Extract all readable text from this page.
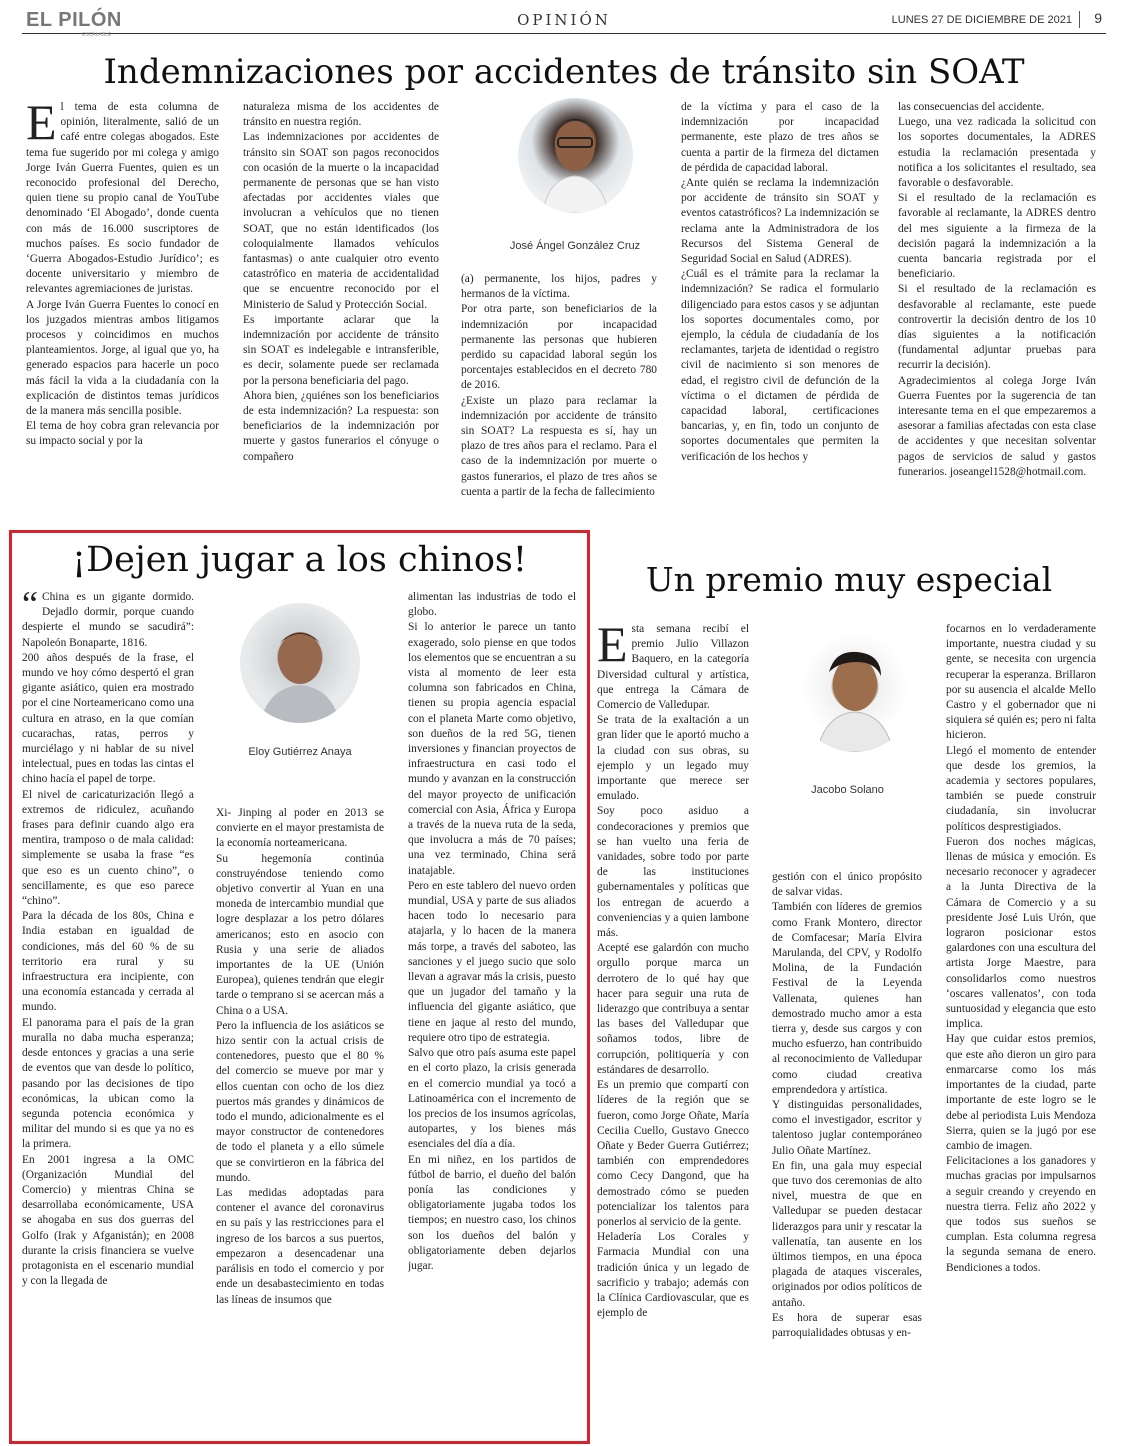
EL PILÓN
ESCALABLE
OPINIÓN	LUNES 27 DE DICIEMBRE DE 2021 9
Indemnizaciones por accidentes de tránsito sin SOAT
E l tema de esta columna de opinión, literalmente, salió de un café entre colegas abogados. Este tema fue sugerido por mi colega y amigo Jorge Iván Guerra Fuentes, quien es un reconocido profesional del Derecho, quien tiene su propio canal de YouTube denominado ‘El Abogado’, donde cuenta con más de 16.000 suscriptores de muchos países. Es socio fundador de ‘Guerra Abogados-Estudio Jurídico’; es docente universitario y miembro de relevantes agremiaciones de juristas.

A Jorge Iván Guerra Fuentes lo conocí en los juzgados mientras ambos litigamos procesos y coincidimos en muchos planteamientos. Jorge, al igual que yo, ha generado espacios para hacerle un poco más fácil la vida a la ciudadanía con la explicación de distintos temas jurídicos de la manera más sencilla posible.

El tema de hoy cobra gran relevancia por su impacto social y por la

naturaleza misma de los accidentes de tránsito en nuestra región.

Las indemnizaciones por accidentes de tránsito sin SOAT son pagos reconocidos con ocasión de la muerte o la incapacidad permanente de personas que se han visto afectadas por accidentes viales que involucran a vehículos que no tienen SOAT, que no están identificados (los coloquialmente llamados vehículos fantasmas) o ante cualquier otro evento catastrófico en materia de accidentalidad que se encuentre reconocido por el Ministerio de Salud y Protección Social.

Es importante aclarar que la indemnización por accidente de tránsito sin SOAT es indelegable e intransferible, es decir, solamente puede ser reclamada por la persona beneficiaria del pago.

Ahora bien, ¿quiénes son los beneficiarios de esta indemnización? La respuesta: son beneficiarios de la indemnización por muerte y gastos funerarios el cónyuge o compañero

José Ángel González Cruz

(a) permanente, los hijos, padres y hermanos de la víctima.

Por otra parte, son beneficiarios de la indemnización por incapacidad permanente las personas que hubieren perdido su capacidad laboral según los porcentajes establecidos en el decreto 780 de 2016.

¿Existe un plazo para reclamar la indemnización por accidente de tránsito sin SOAT? La respuesta es sí, hay un plazo de tres años para el reclamo. Para el caso de la indemnización por muerte o gastos funerarios, el plazo de tres años se cuenta a partir de la fecha de fallecimiento

de la víctima y para el caso de la indemnización por incapacidad permanente, este plazo de tres años se cuenta a partir de la firmeza del dictamen de pérdida de capacidad laboral.

¿Ante quién se reclama la indemnización por accidente de tránsito sin SOAT y eventos catastróficos? La indemnización se reclama ante la Administradora de los Recursos del Sistema General de Seguridad Social en Salud (ADRES).

¿Cuál es el trámite para la reclamar la indemnización? Se radica el formulario diligenciado para estos casos y se adjuntan los soportes documentales como, por ejemplo, la cédula de ciudadanía de los reclamantes, tarjeta de identidad o registro civil de nacimiento si son menores de edad, el registro civil de defunción de la víctima o el dictamen de pérdida de capacidad laboral, certificaciones bancarias, y, en fin, todo un conjunto de soportes documentales que permiten la verificación de los hechos y

las consecuencias del accidente.

Luego, una vez radicada la solicitud con los soportes documentales, la ADRES estudia la reclamación presentada y notifica a los solicitantes el resultado, sea favorable o desfavorable.

Si el resultado de la reclamación es favorable al reclamante, la ADRES dentro del mes siguiente a la firmeza de la decisión pagará la indemnización a la cuenta bancaria registrada por el beneficiario.

Si el resultado de la reclamación es desfavorable al reclamante, este puede controvertir la decisión dentro de los 10 días siguientes a la notificación (fundamental adjuntar pruebas para recurrir la decisión).

Agradecimientos al colega Jorge Iván Guerra Fuentes por la sugerencia de tan interesante tema en el que empezaremos a asesorar a familias afectadas con esta clase de accidentes y que necesitan solventar pagos de servicios de salud y gastos funerarios. joseangel1528@hotmail.com.

¡Dejen jugar a los chinos!
“ China es un gigante dormido. Dejadlo dormir, porque cuando despierte el mundo se sacudirá”: Napoleón Bonaparte, 1816.

200 años después de la frase, el mundo ve hoy cómo despertó el gran gigante asiático, quien era mostrado por el cine Norteamericano como una cultura en atraso, en la que comían cucarachas, ratas, perros y murciélago y ni hablar de su nivel intelectual, pues en todas las cintas el chino hacía el papel de torpe.

El nivel de caricaturización llegó a extremos de ridiculez, acuñando frases para definir cuando algo era mentira, tramposo o de mala calidad: simplemente se usaba la frase “es que eso es un cuento chino”, o sencillamente, es que eso parece “chino”.

Para la década de los 80s, China e India estaban en igualdad de condiciones, más del 60 % de su territorio era rural y su infraestructura era incipiente, con una economía estancada y cerrada al mundo.

El panorama para el país de la gran muralla no daba mucha esperanza; desde entonces y gracias a una serie de eventos que van desde lo político, pasando por las decisiones de tipo económicas, la ubican como la segunda potencia económica y militar del mundo si es que ya no es la primera.

En 2001 ingresa a la OMC (Organización Mundial del Comercio) y mientras China se desarrollaba económicamente, USA se ahogaba en sus dos guerras del Golfo (Irak y Afganistán); en 2008 durante la crisis financiera se vuelve protagonista en el escenario mundial y con la llegada de

Eloy Gutiérrez Anaya

Xi- Jinping al poder en 2013 se convierte en el mayor prestamista de la economía norteamericana.

Su hegemonía continúa construyéndose teniendo como objetivo convertir al Yuan en una moneda de intercambio mundial que logre desplazar a los petro dólares americanos; esto en asocio con Rusia y una serie de aliados importantes de la UE (Unión Europea), quienes tendrán que elegir tarde o temprano si se acercan más a China o a USA.

Pero la influencia de los asiáticos se hizo sentir con la actual crisis de contenedores, puesto que el 80 % del comercio se mueve por mar y ellos cuentan con ocho de los diez puertos más grandes y dinámicos de todo el mundo, adicionalmente es el mayor constructor de contenedores de todo el planeta y a ello súmele que se convirtieron en la fábrica del mundo.

Las medidas adoptadas para contener el avance del coronavirus en su país y las restricciones para el ingreso de los barcos a sus puertos, empezaron a desencadenar una parálisis en todo el comercio y por ende un desabastecimiento en todas las líneas de insumos que

alimentan las industrias de todo el globo.

Si lo anterior le parece un tanto exagerado, solo piense en que todos los elementos que se encuentran a su vista al momento de leer esta columna son fabricados en China, tienen su propia agencia espacial con el planeta Marte como objetivo, son dueños de la red 5G, tienen inversiones y financian proyectos de infraestructura en casi todo el mundo y avanzan en la construcción del mayor proyecto de unificación comercial con Asia, África y Europa a través de la nueva ruta de la seda, que involucra a más de 70 países; una vez terminado, China será inatajable.

Pero en este tablero del nuevo orden mundial, USA y parte de sus aliados hacen todo lo necesario para atajarla, y lo hacen de la manera más torpe, a través del saboteo, las sanciones y el juego sucio que solo llevan a agravar más la crisis, puesto que un jugador del tamaño y la influencia del gigante asiático, que tiene en jaque al resto del mundo, requiere otro tipo de estrategia.

Salvo que otro país asuma este papel en el corto plazo, la crisis generada en el comercio mundial ya tocó a Latinoamérica con el incremento de los precios de los insumos agrícolas, autopartes, y los bienes más esenciales del día a día.

En mi niñez, en los partidos de fútbol de barrio, el dueño del balón ponía las condiciones y obligatoriamente jugaba todos los tiempos; en nuestro caso, los chinos son los dueños del balón y obligatoriamente deben dejarlos jugar.

Un premio muy especial
E sta semana recibí el premio Julio Villazon Baquero, en la categoría Diversidad cultural y artística, que entrega la Cámara de Comercio de Valledupar.

Se trata de la exaltación a un gran líder que le aportó mucho a la ciudad con sus obras, su ejemplo y un legado muy importante que merece ser emulado.

Soy poco asiduo a condecoraciones y premios que se han vuelto una feria de vanidades, sobre todo por parte de las instituciones gubernamentales y políticas que los entregan de acuerdo a conveniencias y a quien lambone más.

Acepté ese galardón con mucho orgullo porque marca un derrotero de lo qué hay que hacer para seguir una ruta de liderazgo que contribuya a sentar las bases del Valledupar que soñamos todos, libre de corrupción, politiquería y con estándares de desarrollo.

Es un premio que compartí con líderes de la región que se fueron, como Jorge Oñate, María Cecilia Cuello, Gustavo Gnecco Oñate y Beder Guerra Gutiérrez; también con emprendedores como Cecy Dangond, que ha demostrado cómo se pueden potencializar los talentos para ponerlos al servicio de la gente.

Heladería Los Corales y Farmacia Mundial con una tradición única y un legado de sacrificio y trabajo; además con la Clínica Cardiovascular, que es ejemplo de

Jacobo Solano

gestión con el único propósito de salvar vidas.

También con líderes de gremios como Frank Montero, director de Comfacesar; María Elvira Marulanda, del CPV, y Rodolfo Molina, de la Fundación Festival de la Leyenda Vallenata, quienes han demostrado mucho amor a esta tierra y, desde sus cargos y con mucho esfuerzo, han contribuido al reconocimiento de Valledupar como ciudad creativa emprendedora y artística.

Y distinguidas personalidades, como el investigador, escritor y talentoso juglar contemporáneo Julio Oñate Martínez.

En fin, una gala muy especial que tuvo dos ceremonias de alto nivel, muestra de que en Valledupar se pueden destacar liderazgos para unir y rescatar la vallenatía, tan ausente en los últimos tiempos, en una época plagada de ataques viscerales, originados por odios políticos de antaño.

Es hora de superar esas parroquialidades obtusas y en-

focarnos en lo verdaderamente importante, nuestra ciudad y su gente, se necesita con urgencia recuperar la esperanza. Brillaron por su ausencia el alcalde Mello Castro y el gobernador que ni siquiera sé quién es; pero ni falta hicieron.

Llegó el momento de entender que desde los gremios, la academia y sectores populares, también se puede construir ciudadanía, sin involucrar políticos desprestigiados.

Fueron dos noches mágicas, llenas de música y emoción. Es necesario reconocer y agradecer a la Junta Directiva de la Cámara de Comercio y a su presidente José Luis Urón, que lograron posicionar estos galardones con una escultura del artista Jorge Maestre, para consolidarlos como nuestros ‘oscares vallenatos’, con toda suntuosidad y elegancia que esto implica.

Hay que cuidar estos premios, que este año dieron un giro para enmarcarse como los más importantes de la ciudad, parte importante de este logro se le debe al periodista Luis Mendoza Sierra, quien se la jugó por ese cambio de imagen.

Felicitaciones a los ganadores y muchas gracias por impulsarnos a seguir creando y creyendo en nuestra tierra. Feliz año 2022 y que todos sus sueños se cumplan. Esta columna regresa la segunda semana de enero. Bendiciones a todos.
